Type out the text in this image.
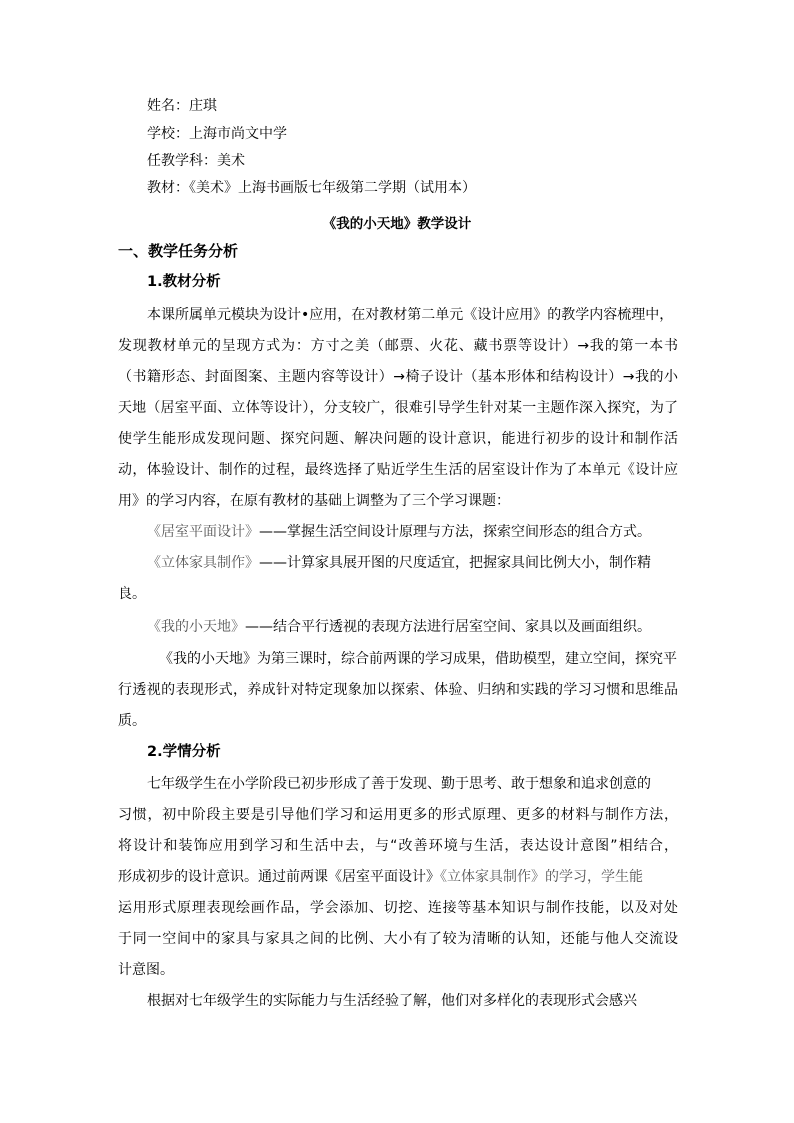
姓名：庄琪
学校：上海市尚文中学
任教学科：美术
教材：《美术》上海书画版七年级第二学期（试用本）
《我的小天地》教学设计
一、教学任务分析
1.教材分析
本课所属单元模块为设计•应用，在对教材第二单元《设计应用》的教学内容梳理中，
发现教材单元的呈现方式为：方寸之美（邮票、火花、藏书票等设计）→我的第一本书
（书籍形态、封面图案、主题内容等设计）→椅子设计（基本形体和结构设计）→我的小
天地（居室平面、立体等设计），分支较广，很难引导学生针对某一主题作深入探究，为了
使学生能形成发现问题、探究问题、解决问题的设计意识，能进行初步的设计和制作活
动，体验设计、制作的过程，最终选择了贴近学生生活的居室设计作为了本单元《设计应
用》的学习内容，在原有教材的基础上调整为了三个学习课题：
《居室平面设计》——掌握生活空间设计原理与方法，探索空间形态的组合方式。
《立体家具制作》——计算家具展开图的尺度适宜，把握家具间比例大小，制作精
良。
《我的小天地》——结合平行透视的表现方法进行居室空间、家具以及画面组织。
《我的小天地》为第三课时，综合前两课的学习成果，借助模型，建立空间，探究平
行透视的表现形式，养成针对特定现象加以探索、体验、归纳和实践的学习习惯和思维品
质。
2.学情分析
七年级学生在小学阶段已初步形成了善于发现、勤于思考、敢于想象和追求创意的
习惯，初中阶段主要是引导他们学习和运用更多的形式原理、更多的材料与制作方法，
将设计和装饰应用到学习和生活中去，与“改善环境与生活，表达设计意图”相结合，
形成初步的设计意识。通过前两课《居室平面设计》《立体家具制作》的学习，学生能
运用形式原理表现绘画作品，学会添加、切挖、连接等基本知识与制作技能，以及对处
于同一空间中的家具与家具之间的比例、大小有了较为清晰的认知，还能与他人交流设
计意图。
根据对七年级学生的实际能力与生活经验了解，他们对多样化的表现形式会感兴
